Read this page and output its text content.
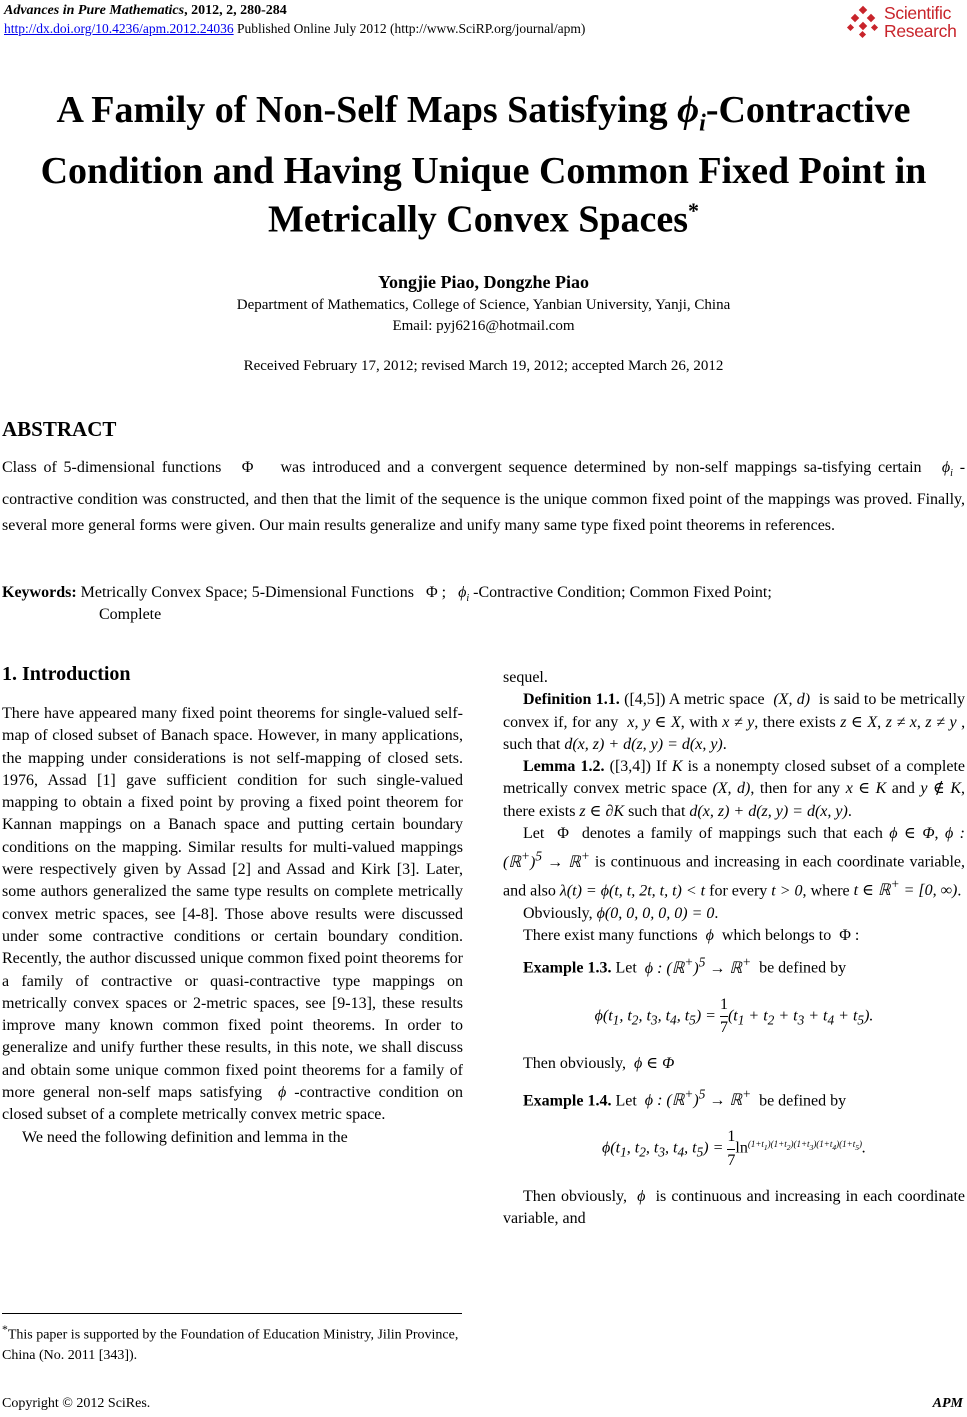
Advances in Pure Mathematics, 2012, 2, 280-284
http://dx.doi.org/10.4236/apm.2012.24036 Published Online July 2012 (http://www.SciRP.org/journal/apm)
Scientific
Research
A Family of Non-Self Maps Satisfying $\phi_i$-Contractive
Condition and Having Unique Common Fixed Point in
Metrically Convex Spaces*
Yongjie Piao, Dongzhe Piao
Department of Mathematics, College of Science, Yanbian University, Yanji, China
Email: pyj6216@hotmail.com
Received February 17, 2012; revised March 19, 2012; accepted March 26, 2012
ABSTRACT
Class of 5-dimensional functions   Φ    was introduced and a convergent sequence determined by non-self mappings sa-tisfying certain $\phi_i$ -contractive condition was constructed, and then that the limit of the sequence is the unique common fixed point of the mappings was proved. Finally, several more general forms were given. Our main results generalize and unify many same type fixed point theorems in references.
Keywords: Metrically Convex Space; 5-Dimensional Functions   Φ ; $\phi_i$ -Contractive Condition; Common Fixed Point;
Complete
1. Introduction

There have appeared many fixed point theorems for single-valued self-map of closed subset of Banach space. However, in many applications, the mapping under considerations is not self-mapping of closed sets. 1976, Assad [1] gave sufficient condition for such single-valued mapping to obtain a fixed point by proving a fixed point theorem for Kannan mappings on a Banach space and putting certain boundary conditions on the mapping. Similar results for multi-valued mappings were respectively given by Assad [2] and Assad and Kirk [3]. Later, some authors generalized the same type results on complete metrically convex metric spaces, see [4-8]. Those above results were discussed under some contractive conditions or certain boundary condition. Recently, the author discussed unique common fixed point theorems for a family of contractive or quasi-contractive type mappings on metrically convex spaces or 2-metric spaces, see [9-13], these results improve many known common fixed point theorems. In order to generalize and unify further these results, in this note, we shall discuss and obtain some unique common fixed point theorems for a family of more general non-self maps satisfying ϕ -contractive condition on closed subset of a complete metrically convex metric space.

We need the following definition and lemma in the

sequel.

Definition 1.1. ([4,5]) A metric space (X, d) is said to be metrically convex if, for any x, y ∈ X, with x ≠ y, there exists z ∈ X, z ≠ x, z ≠ y , such that d(x, z) + d(z, y) = d(x, y).

Lemma 1.2. ([3,4]) If K is a nonempty closed subset of a complete metrically convex metric space (X, d), then for any x ∈ K and y ∉ K, there exists z ∈ ∂K such that d(x, z) + d(z, y) = d(x, y).

Let  Φ  denotes a family of mappings such that each ϕ ∈ Φ, ϕ : (ℝ+)$^5$ → ℝ+ is continuous and increasing in each coordinate variable, and also λ(t) = ϕ(t, t, 2t, t, t) < t for every t > 0, where t ∈ ℝ+ = [0, ∞).

Obviously, ϕ(0, 0, 0, 0, 0) = 0.

There exist many functions ϕ which belongs to  Φ :

Example 1.3. Let ϕ : (ℝ+)$^5$ → ℝ+ be defined by

$\phi(t_1$, $t_2$, $t_3$, $t_4$, $t_5) = \frac{1}{7} (t_1 + t_2 + t_3 + t_4 + t_5)$.

Then obviously, ϕ ∈ Φ

Example 1.4. Let ϕ : (ℝ+)$^5$ → ℝ+ be defined by

$\phi(t_1$, $t_2$, $t_3$, $t_4$, $t_5) = \frac{1}{7} \ln^{(1+t_1)(1+t_2)(1+t_3)(1+t_4)(1+t_5)}$.

Then obviously, ϕ is continuous and increasing in each coordinate variable, and

*This paper is supported by the Foundation of Education Ministry, Jilin Province, China (No. 2011 [343]).
Copyright © 2012 SciRes.	APM
